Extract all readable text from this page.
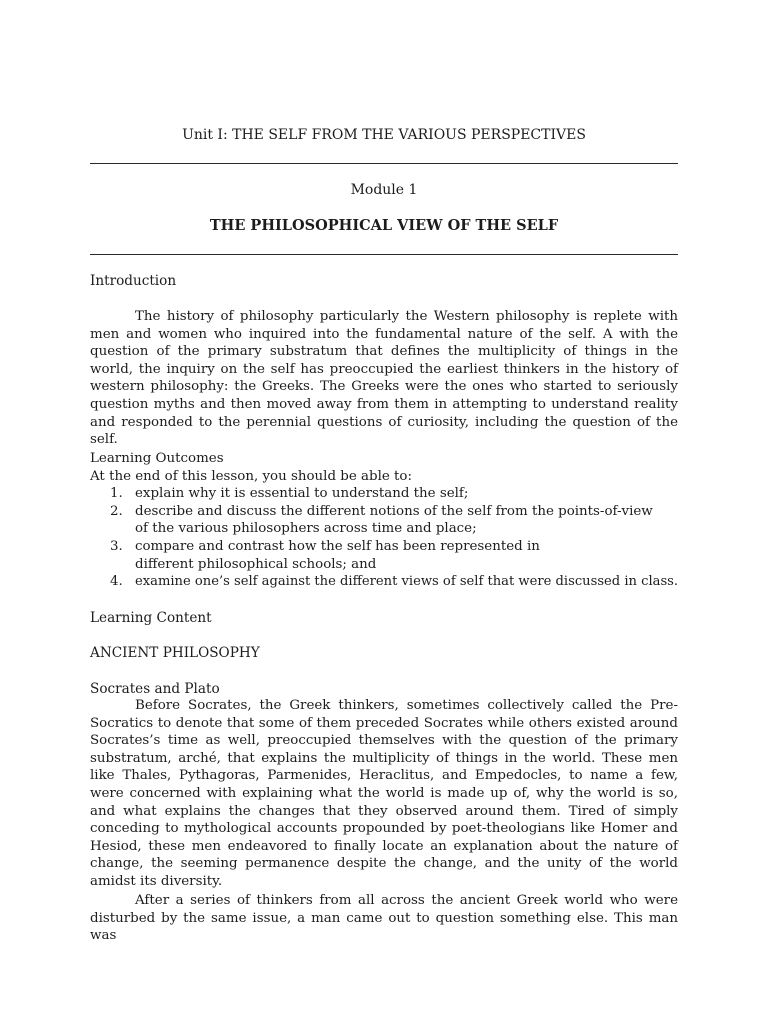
Unit I: THE SELF FROM THE VARIOUS PERSPECTIVES
Module 1
THE PHILOSOPHICAL VIEW OF THE SELF
Introduction

The history of philosophy particularly the Western philosophy is replete with men and women who inquired into the fundamental nature of the self. A with the question of the primary substratum that defines the multiplicity of things in the world, the inquiry on the self has preoccupied the earliest thinkers in the history of western philosophy: the Greeks. The Greeks were the ones who started to seriously question myths and then moved away from them in attempting to understand reality and responded to the perennial questions of curiosity, including the question of the self.

Learning Outcomes
At the end of this lesson, you should be able to:
1. explain why it is essential to understand the self;
2. describe and discuss the different notions of the self from the points-of-view of the various philosophers across time and place;
3. compare and contrast how the self has been represented in different philosophical schools; and
4. examine one’s self against the different views of self that were discussed in class.
Learning Content
ANCIENT PHILOSOPHY
Socrates and Plato

Before Socrates, the Greek thinkers, sometimes collectively called the Pre-Socratics to denote that some of them preceded Socrates while others existed around Socrates’s time as well, preoccupied themselves with the question of the primary substratum, arché, that explains the multiplicity of things in the world. These men like Thales, Pythagoras, Parmenides, Heraclitus, and Empedocles, to name a few, were concerned with explaining what the world is made up of, why the world is so, and what explains the changes that they observed around them. Tired of simply conceding to mythological accounts propounded by poet-theologians like Homer and Hesiod, these men endeavored to finally locate an explanation about the nature of change, the seeming permanence despite the change, and the unity of the world amidst its diversity.

After a series of thinkers from all across the ancient Greek world who were disturbed by the same issue, a man came out to question something else. This man was
